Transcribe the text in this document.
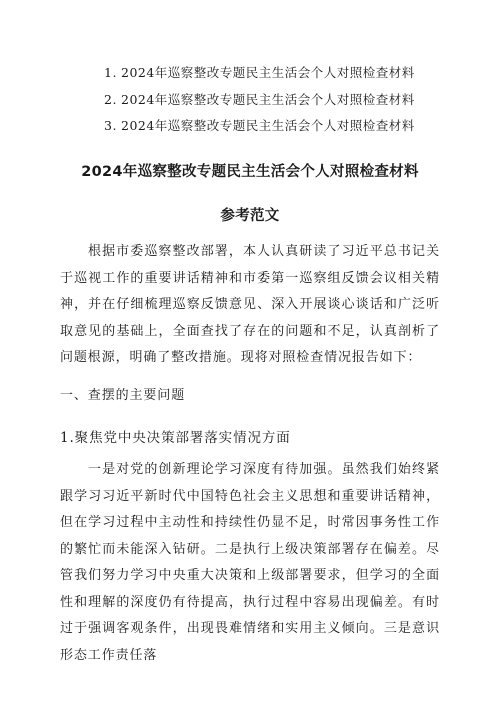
1. 2024年巡察整改专题民主生活会个人对照检查材料
2. 2024年巡察整改专题民主生活会个人对照检查材料
3. 2024年巡察整改专题民主生活会个人对照检查材料
2024年巡察整改专题民主生活会个人对照检查材料
参考范文

根据市委巡察整改部署，本人认真研读了习近平总书记关于巡视工作的重要讲话精神和市委第一巡察组反馈会议相关精神，并在仔细梳理巡察反馈意见、深入开展谈心谈话和广泛听取意见的基础上，全面查找了存在的问题和不足，认真剖析了问题根源，明确了整改措施。现将对照检查情况报告如下：

一、查摆的主要问题
1.聚焦党中央决策部署落实情况方面

一是对党的创新理论学习深度有待加强。虽然我们始终紧跟学习习近平新时代中国特色社会主义思想和重要讲话精神，但在学习过程中主动性和持续性仍显不足，时常因事务性工作的繁忙而未能深入钻研。二是执行上级决策部署存在偏差。尽管我们努力学习中央重大决策和上级部署要求，但学习的全面性和理解的深度仍有待提高，执行过程中容易出现偏差。有时过于强调客观条件，出现畏难情绪和实用主义倾向。三是意识形态工作责任落
